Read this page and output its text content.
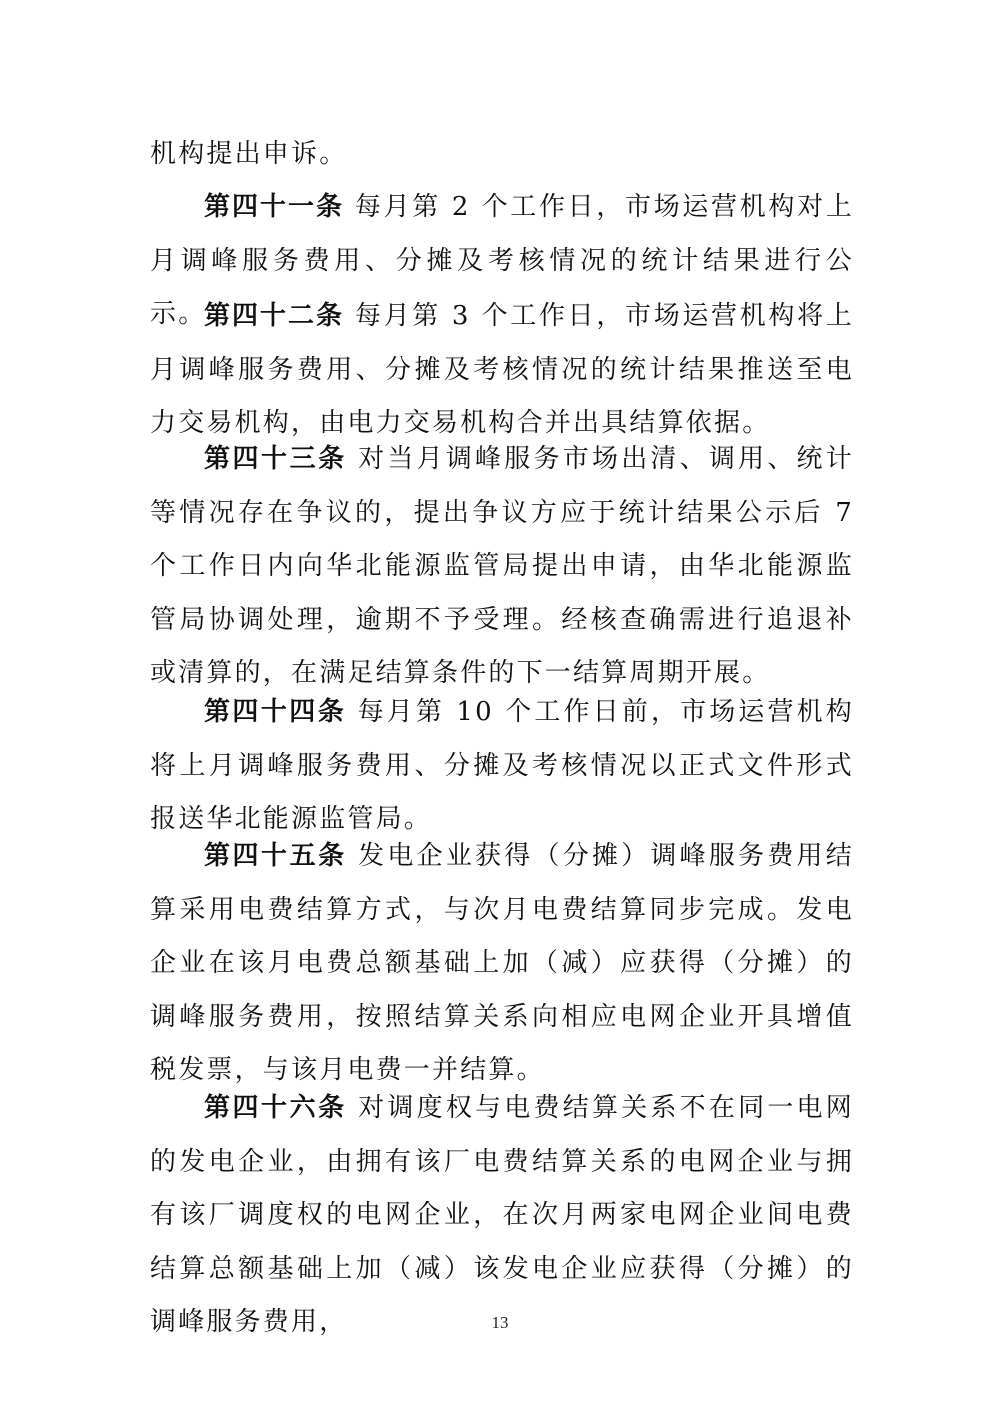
机构提出申诉。

第四十一条 每月第 2 个工作日，市场运营机构对上月调峰服务费用、分摊及考核情况的统计结果进行公示。

第四十二条 每月第 3 个工作日，市场运营机构将上月调峰服务费用、分摊及考核情况的统计结果推送至电力交易机构，由电力交易机构合并出具结算依据。

第四十三条 对当月调峰服务市场出清、调用、统计等情况存在争议的，提出争议方应于统计结果公示后 7 个工作日内向华北能源监管局提出申请，由华北能源监管局协调处理，逾期不予受理。经核查确需进行追退补或清算的，在满足结算条件的下一结算周期开展。

第四十四条 每月第 10 个工作日前，市场运营机构将上月调峰服务费用、分摊及考核情况以正式文件形式报送华北能源监管局。

第四十五条 发电企业获得（分摊）调峰服务费用结算采用电费结算方式，与次月电费结算同步完成。发电企业在该月电费总额基础上加（减）应获得（分摊）的调峰服务费用，按照结算关系向相应电网企业开具增值税发票，与该月电费一并结算。

第四十六条 对调度权与电费结算关系不在同一电网的发电企业，由拥有该厂电费结算关系的电网企业与拥有该厂调度权的电网企业，在次月两家电网企业间电费结算总额基础上加（减）该发电企业应获得（分摊）的调峰服务费用，	13
